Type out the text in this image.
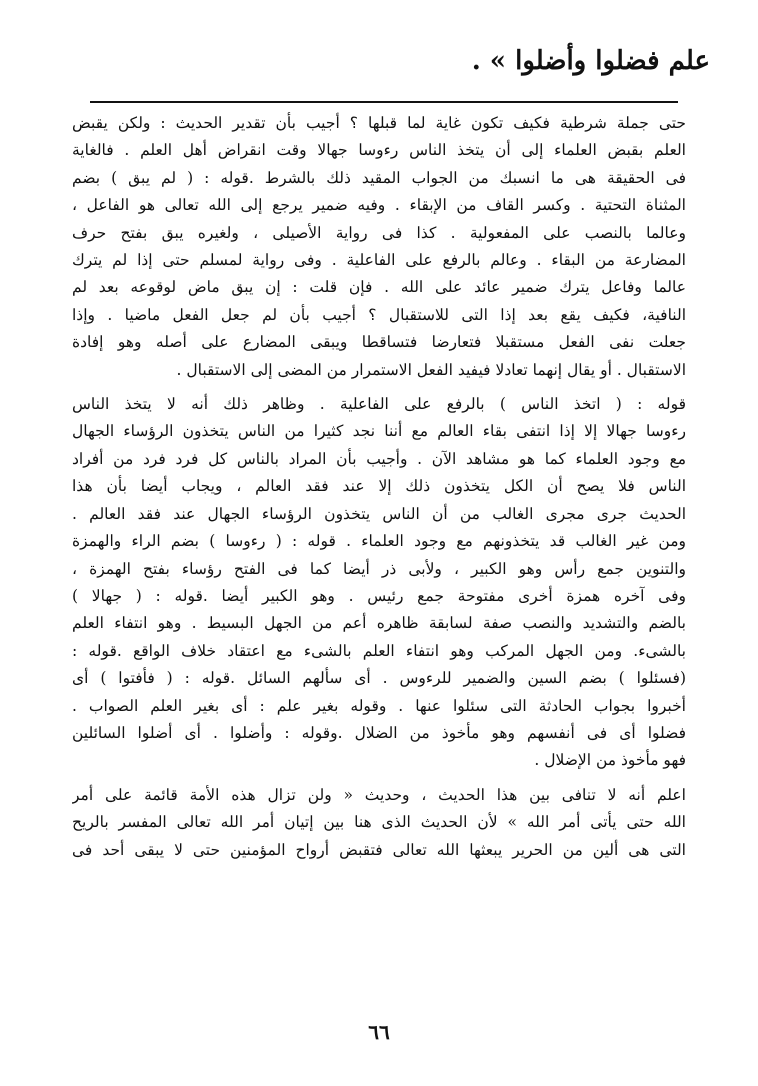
علم فضلوا وأضلوا » .
حتى جملة شرطية فكيف تكون غاية لما قبلها ؟ أجيب بأن تقدير الحديث : ولكن يقبض
العلم بقبض العلماء إلى أن يتخذ الناس رءوسا جهالا وقت انقراض أهل العلم . فالغاية
فى الحقيقة هى ما انسبك من الجواب المقيد ذلك بالشرط .قوله : ( لم يبق ) بضم
المثناة التحتية . وكسر القاف من الإبقاء . وفيه ضمير يرجع إلى الله تعالى هو الفاعل ،
وعالما بالنصب على المفعولية . كذا فى رواية الأصيلى ، ولغيره يبق بفتح حرف
المضارعة من البقاء . وعالم بالرفع على الفاعلية . وفى رواية لمسلم حتى إذا لم يترك
عالما وفاعل يترك ضمير عائد على الله . فإن قلت : إن يبق ماض لوقوعه بعد لم
النافية، فكيف يقع بعد إذا التى للاستقبال ؟ أجيب بأن لم جعل الفعل ماضيا . وإذا
جعلت نفى الفعل مستقبلا فتعارضا فتساقطا ويبقى المضارع على أصله وهو إفادة
الاستقبال . أو يقال إنهما تعادلا فيفيد الفعل الاستمرار من المضى إلى الاستقبال .
قوله : ( اتخذ الناس ) بالرفع على الفاعلية . وظاهر ذلك أنه لا يتخذ الناس
رءوسا جهالا إلا إذا انتفى بقاء العالم مع أننا نجد كثيرا من الناس يتخذون الرؤساء الجهال
مع وجود العلماء كما هو مشاهد الآن . وأجيب بأن المراد بالناس كل فرد فرد من أفراد
الناس فلا يصح أن الكل يتخذون ذلك إلا عند فقد العالم ، ويجاب أيضا بأن هذا
الحديث جرى مجرى الغالب من أن الناس يتخذون الرؤساء الجهال عند فقد العالم .
ومن غير الغالب قد يتخذونهم مع وجود العلماء . قوله : ( رءوسا ) بضم الراء والهمزة
والتنوين جمع رأس وهو الكبير ، ولأبى ذر أيضا كما فى الفتح رؤساء بفتح الهمزة ،
وفى آخره همزة أخرى مفتوحة جمع رئيس . وهو الكبير أيضا .قوله : ( جهالا )
بالضم والتشديد والنصب صفة لسابقة ظاهره أعم من الجهل البسيط . وهو انتفاء العلم
بالشىء. ومن الجهل المركب وهو انتفاء العلم بالشىء مع اعتقاد خلاف الواقع .قوله :
(فسئلوا ) بضم السين والضمير للرءوس . أى سألهم السائل .قوله : ( فأفتوا ) أى
أخبروا بجواب الحادثة التى سئلوا عنها . وقوله بغير علم : أى بغير العلم الصواب .
فضلوا أى فى أنفسهم وهو مأخوذ من الضلال .وقوله : وأضلوا . أى أضلوا السائلين
فهو مأخوذ من الإضلال .
اعلم أنه لا تنافى بين هذا الحديث ، وحديث « ولن تزال هذه الأمة قائمة على أمر
الله حتى يأتى أمر الله » لأن الحديث الذى هنا بين إتيان أمر الله تعالى المفسر بالريح
التى هى ألين من الحرير يبعثها الله تعالى فتقبض أرواح المؤمنين حتى لا يبقى أحد فى
٦٦
